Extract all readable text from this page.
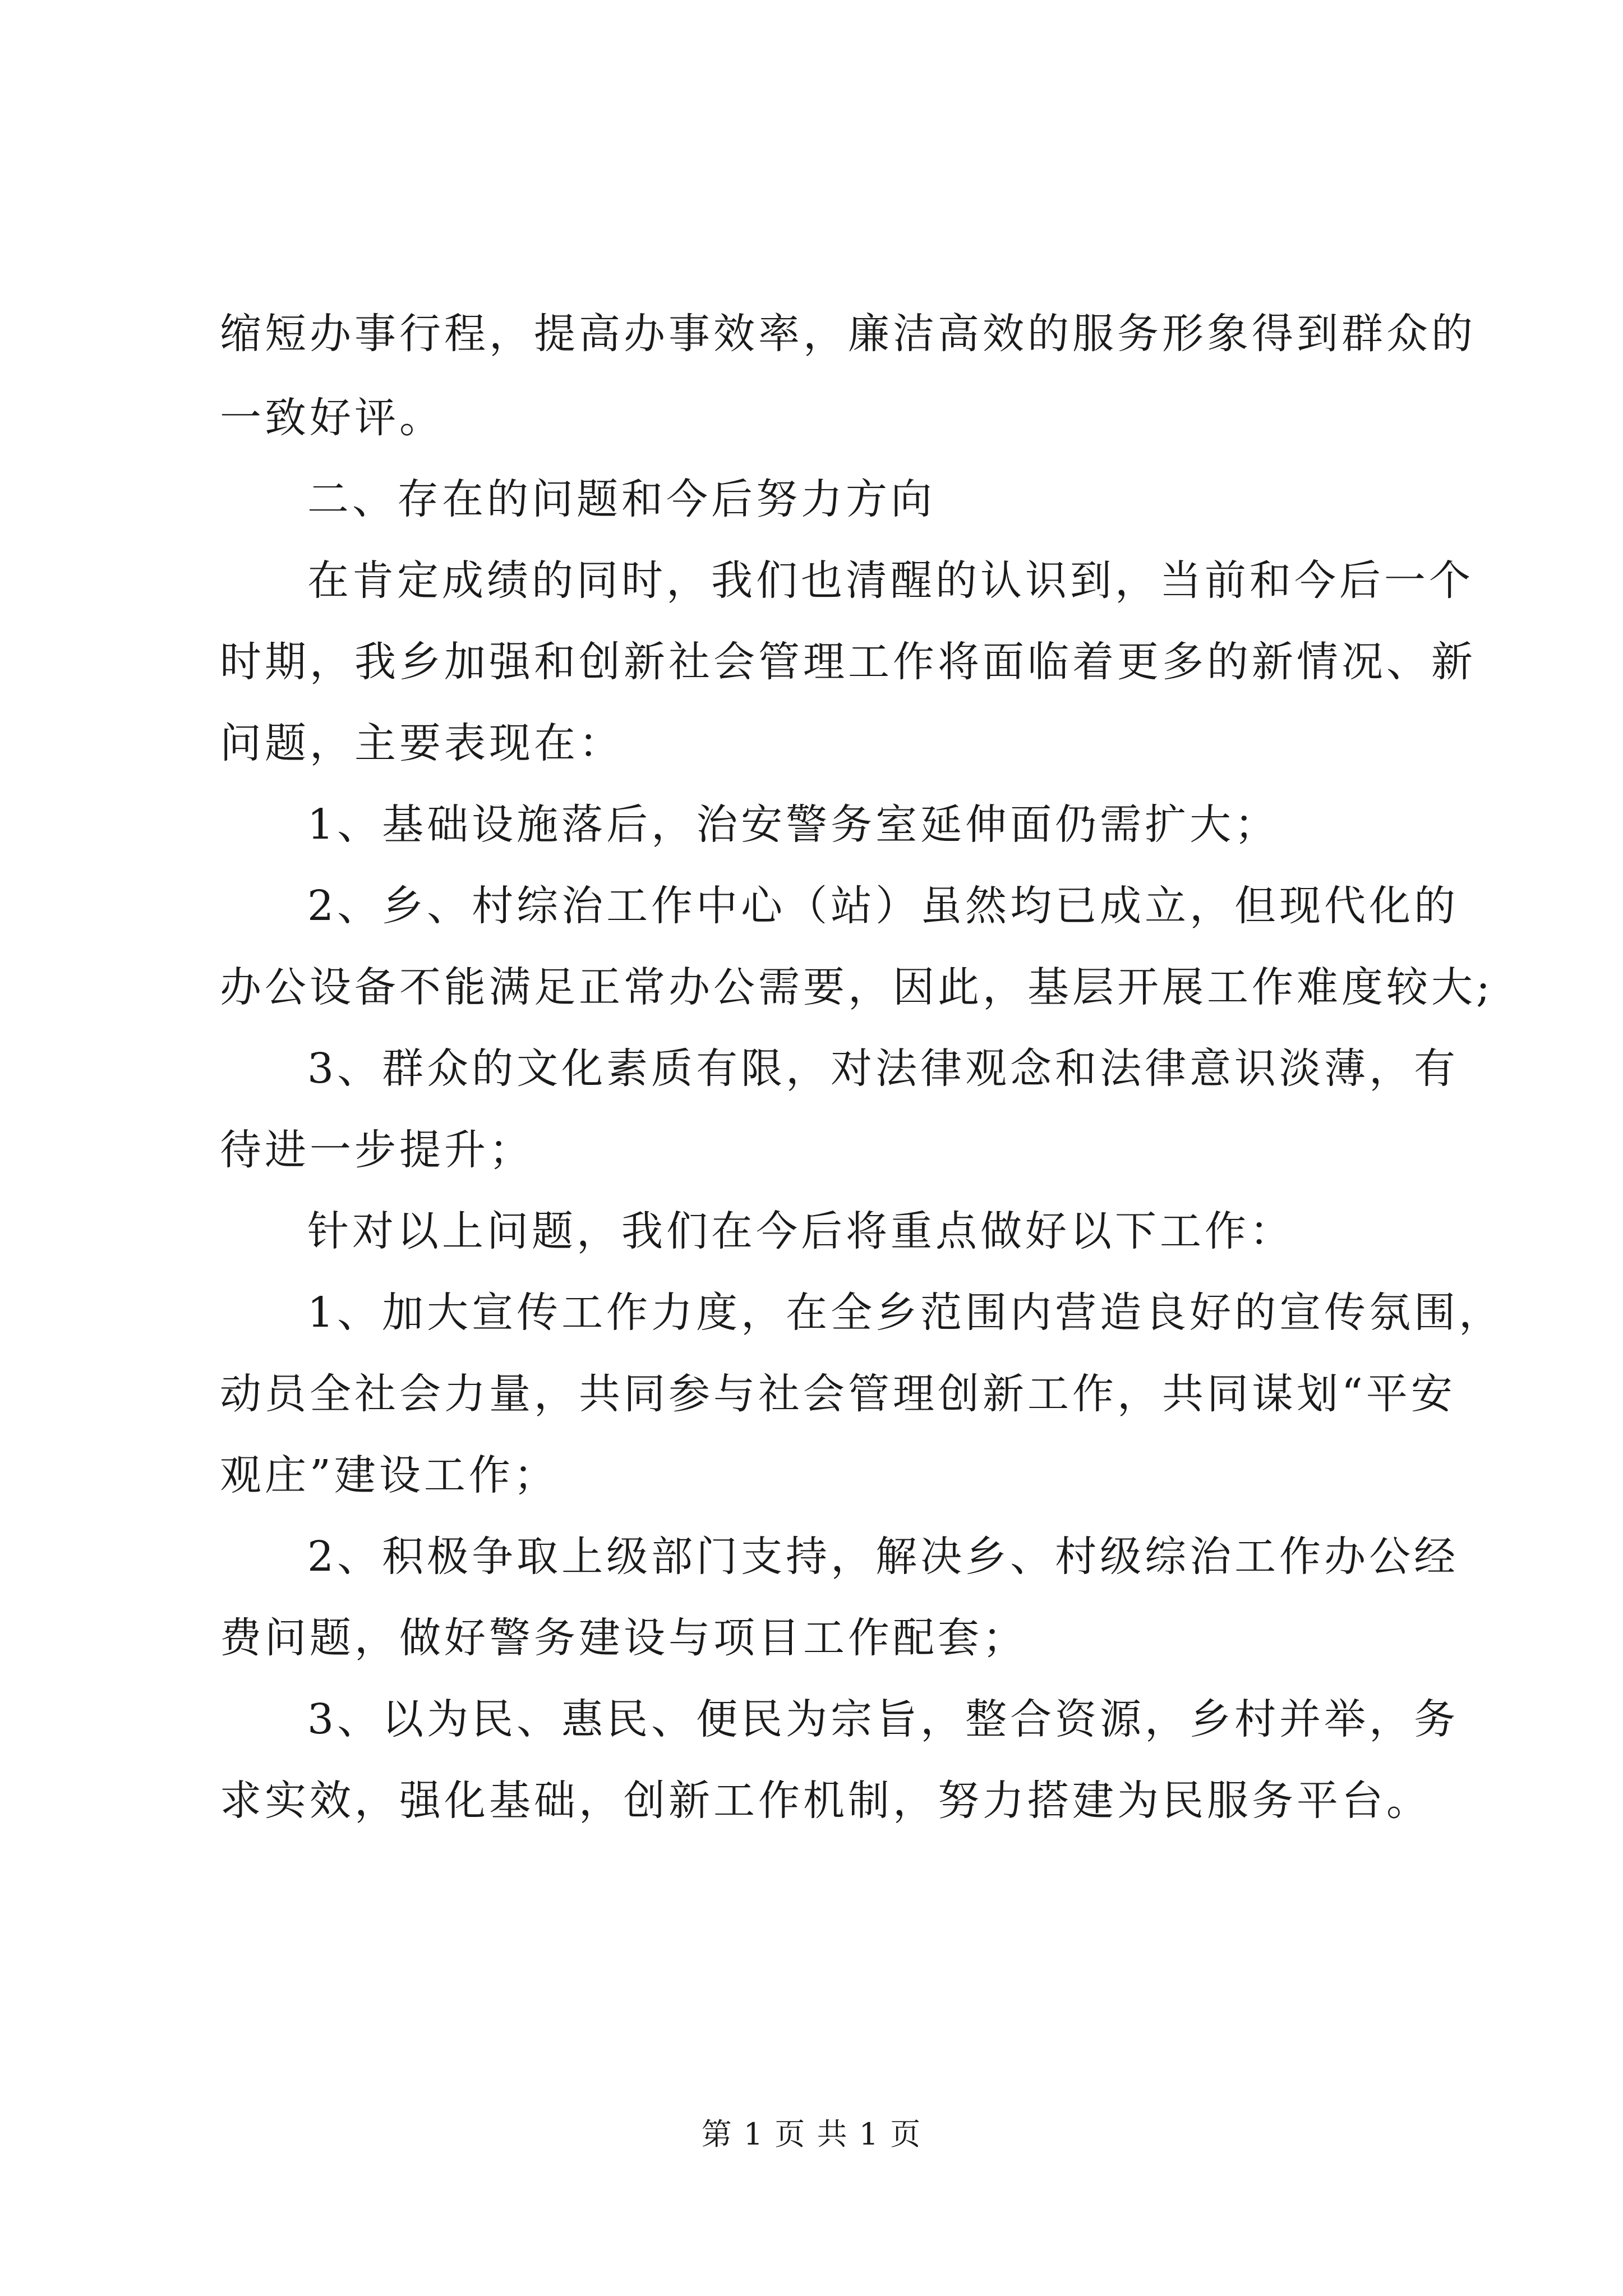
缩短办事行程，提高办事效率，廉洁高效的服务形象得到群众的
一致好评。
二、存在的问题和今后努力方向
在肯定成绩的同时，我们也清醒的认识到，当前和今后一个
时期，我乡加强和创新社会管理工作将面临着更多的新情况、新
问题，主要表现在：
1、基础设施落后，治安警务室延伸面仍需扩大；
2、乡、村综治工作中心（站）虽然均已成立，但现代化的
办公设备不能满足正常办公需要，因此，基层开展工作难度较大;
3、群众的文化素质有限，对法律观念和法律意识淡薄，有
待进一步提升；
针对以上问题，我们在今后将重点做好以下工作：
1、加大宣传工作力度，在全乡范围内营造良好的宣传氛围，
动员全社会力量，共同参与社会管理创新工作，共同谋划“平安
观庄”建设工作；
2、积极争取上级部门支持，解决乡、村级综治工作办公经
费问题，做好警务建设与项目工作配套；
3、以为民、惠民、便民为宗旨，整合资源，乡村并举，务
求实效，强化基础，创新工作机制，努力搭建为民服务平台。
第 1 页 共 1 页
